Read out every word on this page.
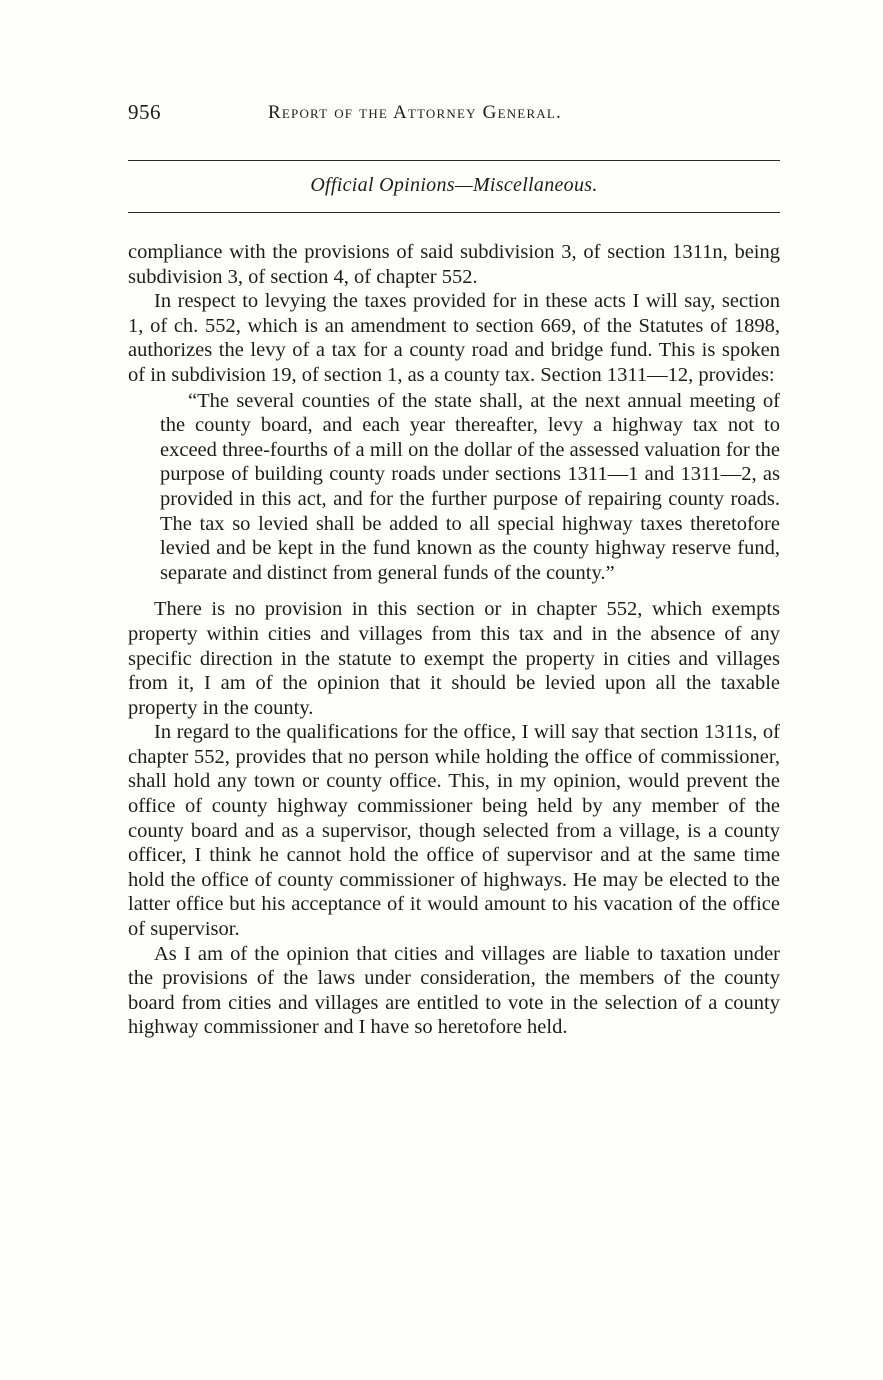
956	Report of the Attorney General.
Official Opinions—Miscellaneous.

compliance with the provisions of said subdivision 3, of section 1311n, being subdivision 3, of section 4, of chapter 552.

In respect to levying the taxes provided for in these acts I will say, section 1, of ch. 552, which is an amendment to section 669, of the Statutes of 1898, authorizes the levy of a tax for a county road and bridge fund. This is spoken of in subdivision 19, of section 1, as a county tax. Section 1311—12, provides:

“The several counties of the state shall, at the next annual meeting of the county board, and each year thereafter, levy a highway tax not to exceed three-fourths of a mill on the dollar of the assessed valuation for the purpose of building county roads under sections 1311—1 and 1311—2, as provided in this act, and for the further purpose of repairing county roads. The tax so levied shall be added to all special highway taxes theretofore levied and be kept in the fund known as the county highway reserve fund, separate and distinct from general funds of the county.”

There is no provision in this section or in chapter 552, which exempts property within cities and villages from this tax and in the absence of any specific direction in the statute to exempt the property in cities and villages from it, I am of the opinion that it should be levied upon all the taxable property in the county.

In regard to the qualifications for the office, I will say that section 1311s, of chapter 552, provides that no person while holding the office of commissioner, shall hold any town or county office. This, in my opinion, would prevent the office of county highway commissioner being held by any member of the county board and as a supervisor, though selected from a village, is a county officer, I think he cannot hold the office of supervisor and at the same time hold the office of county commissioner of highways. He may be elected to the latter office but his acceptance of it would amount to his vacation of the office of supervisor.

As I am of the opinion that cities and villages are liable to taxation under the provisions of the laws under consideration, the members of the county board from cities and villages are entitled to vote in the selection of a county highway commissioner and I have so heretofore held.
